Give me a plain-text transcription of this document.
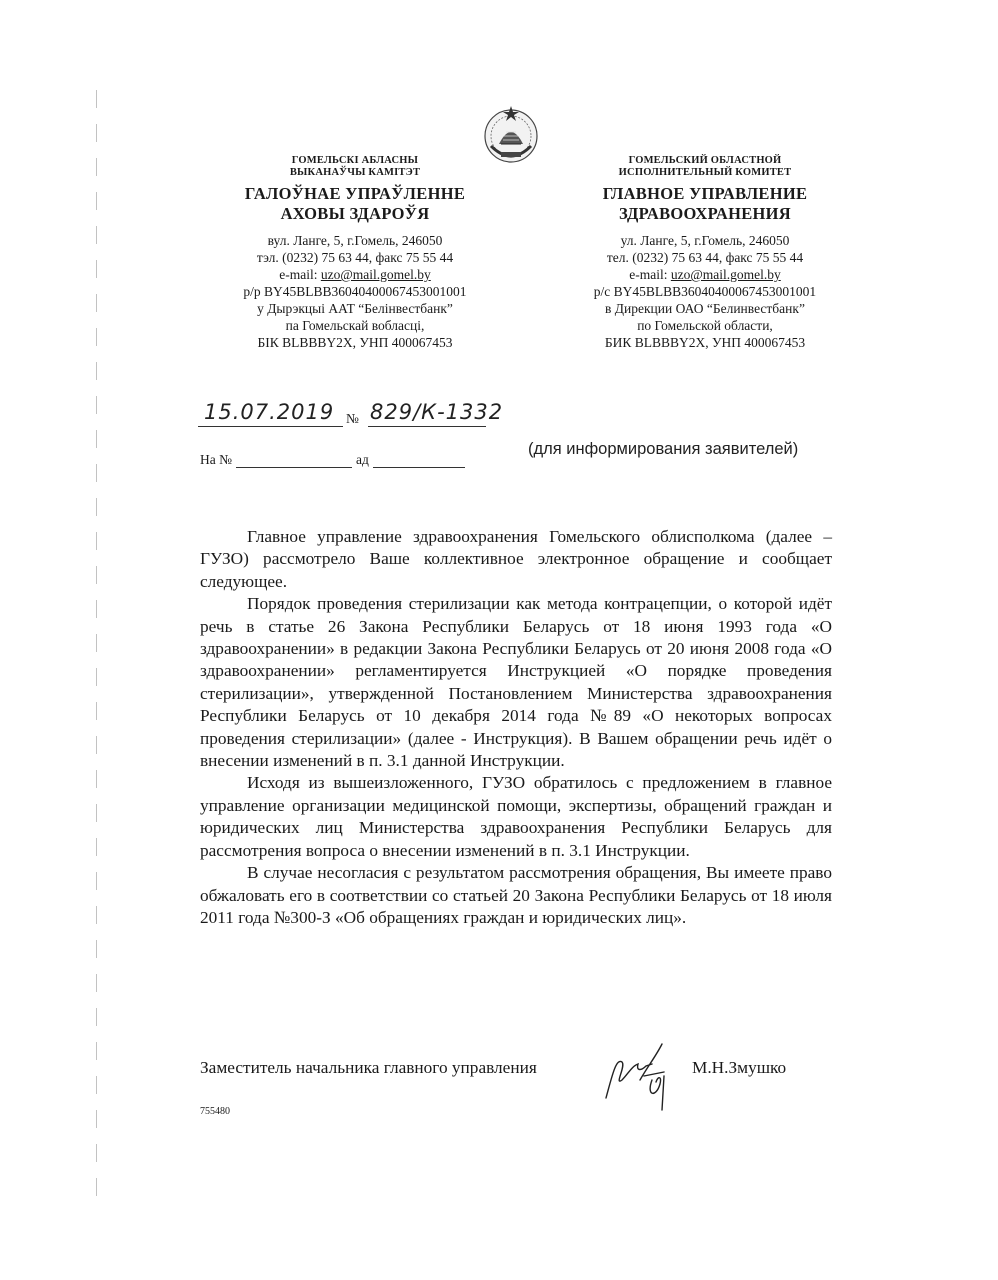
ГОМЕЛЬСКІ АБЛАСНЫ
ВЫКАНАЎЧЫ КАМІТЭТ
ГАЛОЎНАЕ УПРАЎЛЕННЕ
АХОВЫ ЗДАРОЎЯ
вул. Ланге, 5, г.Гомель, 246050
тэл. (0232) 75 63 44, факс 75 55 44
e-mail: uzo@mail.gomel.by
р/р BY45BLBB36040400067453001001
у Дырэкцыі ААТ “Белінвестбанк”
па Гомельскай вобласці,
БІК BLBBBY2X, УНП 400067453
ГОМЕЛЬСКИЙ ОБЛАСТНОЙ
ИСПОЛНИТЕЛЬНЫЙ КОМИТЕТ
ГЛАВНОЕ УПРАВЛЕНИЕ
ЗДРАВООХРАНЕНИЯ
ул. Ланге, 5, г.Гомель, 246050
тел. (0232) 75 63 44, факс 75 55 44
e-mail: uzo@mail.gomel.by
р/с BY45BLBB36040400067453001001
в Дирекции ОАО “Белинвестбанк”
по Гомельской области,
БИК BLBBBY2X, УНП 400067453
15.07.2019 № 829/К-1332
На №	ад
(для информирования заявителей)

Главное управление здравоохранения Гомельского облисполкома (далее – ГУЗО) рассмотрело Ваше коллективное электронное обращение и сообщает следующее.

Порядок проведения стерилизации как метода контрацепции, о которой идёт речь в статье 26 Закона Республики Беларусь от 18 июня 1993 года «О здравоохранении» в редакции Закона Республики Беларусь от 20 июня 2008 года «О здравоохранении» регламентируется Инструкцией «О порядке проведения стерилизации», утвержденной Постановлением Министерства здравоохранения Республики Беларусь от 10 декабря 2014 года №89 «О некоторых вопросах проведения стерилизации» (далее - Инструкция). В Вашем обращении речь идёт о внесении изменений в п. 3.1 данной Инструкции.

Исходя из вышеизложенного, ГУЗО обратилось с предложением в главное управление организации медицинской помощи, экспертизы, обращений граждан и юридических лиц Министерства здравоохранения Республики Беларусь для рассмотрения вопроса о внесении изменений в п. 3.1 Инструкции.

В случае несогласия с результатом рассмотрения обращения, Вы имеете право обжаловать его в соответствии со статьей 20 Закона Республики Беларусь от 18 июля 2011 года №300-З «Об обращениях граждан и юридических лиц».

Заместитель начальника главного управления	М.Н.Змушко
755480
